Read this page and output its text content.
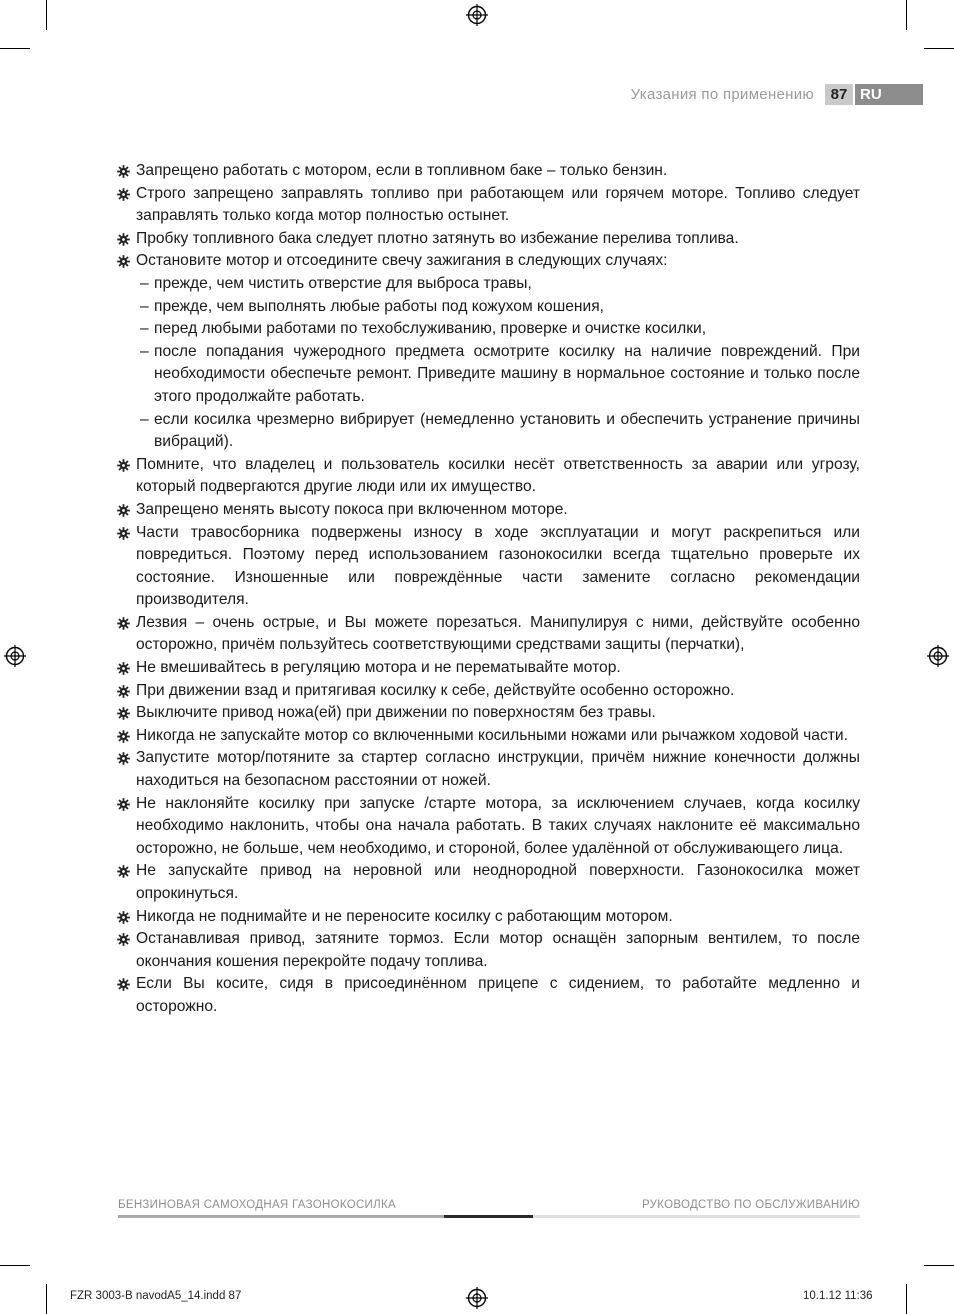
Указания по применению	87 RU
Запрещено работать с мотором, если в топливном баке – только бензин.
Строго запрещено заправлять топливо при работающем или горячем моторе. Топливо следует заправлять только когда мотор полностью остынет.
Пробку топливного бака следует плотно затянуть во избежание перелива топлива.
Остановите мотор и отсоедините свечу зажигания в следующих случаях:
– прежде, чем чистить отверстие для выброса травы,
– прежде, чем выполнять любые работы под кожухом кошения,
– перед любыми работами по техобслуживанию, проверке и очистке косилки,
– после попадания чужеродного предмета осмотрите косилку на наличие повреждений. При необходимости обеспечьте ремонт. Приведите машину в нормальное состояние и только после этого продолжайте работать.
– если косилка чрезмерно вибрирует (немедленно установить и обеспечить устранение причины вибраций).
Помните, что владелец и пользователь косилки несёт ответственность за аварии или угрозу, который подвергаются другие люди или их имущество.
Запрещено менять высоту покоса при включенном моторе.
Части травосборника подвержены износу в ходе эксплуатации и могут раскрепиться или повредиться. Поэтому перед использованием газонокосилки всегда тщательно проверьте их состояние. Изношенные или повреждённые части замените согласно рекомендации производителя.
Лезвия – очень острые, и Вы можете порезаться. Манипулируя с ними, действуйте особенно осторожно, причём пользуйтесь соответствующими средствами защиты (перчатки),
Не вмешивайтесь в регуляцию мотора и не перематывайте мотор.
При движении взад и притягивая косилку к себе, действуйте особенно осторожно.
Выключите привод ножа(ей) при движении по поверхностям без травы.
Никогда не запускайте мотор со включенными косильными ножами или рычажком ходовой части.
Запустите мотор/потяните за стартер согласно инструкции, причём нижние конечности должны находиться на безопасном расстоянии от ножей.
Не наклоняйте косилку при запуске /старте мотора, за исключением случаев, когда косилку необходимо наклонить, чтобы она начала работать. В таких случаях наклоните её максимально осторожно, не больше, чем необходимо, и стороной, более удалённой от обслуживающего лица.
Не запускайте привод на неровной или неоднородной поверхности. Газонокосилка может опрокинуться.
Никогда не поднимайте и не переносите косилку с работающим мотором.
Останавливая привод, затяните тормоз. Если мотор оснащён запорным вентилем, то после окончания кошения перекройте подачу топлива.
Если Вы косите, сидя в присоединённом прицепе с сидением, то работайте медленно и осторожно.
БЕНЗИНОВАЯ САМОХОДНАЯ ГАЗОНОКОСИЛКА	РУКОВОДСТВО ПО ОБСЛУЖИВАНИЮ
FZR 3003-B navodA5_14.indd 87	10.1.12 11:36
